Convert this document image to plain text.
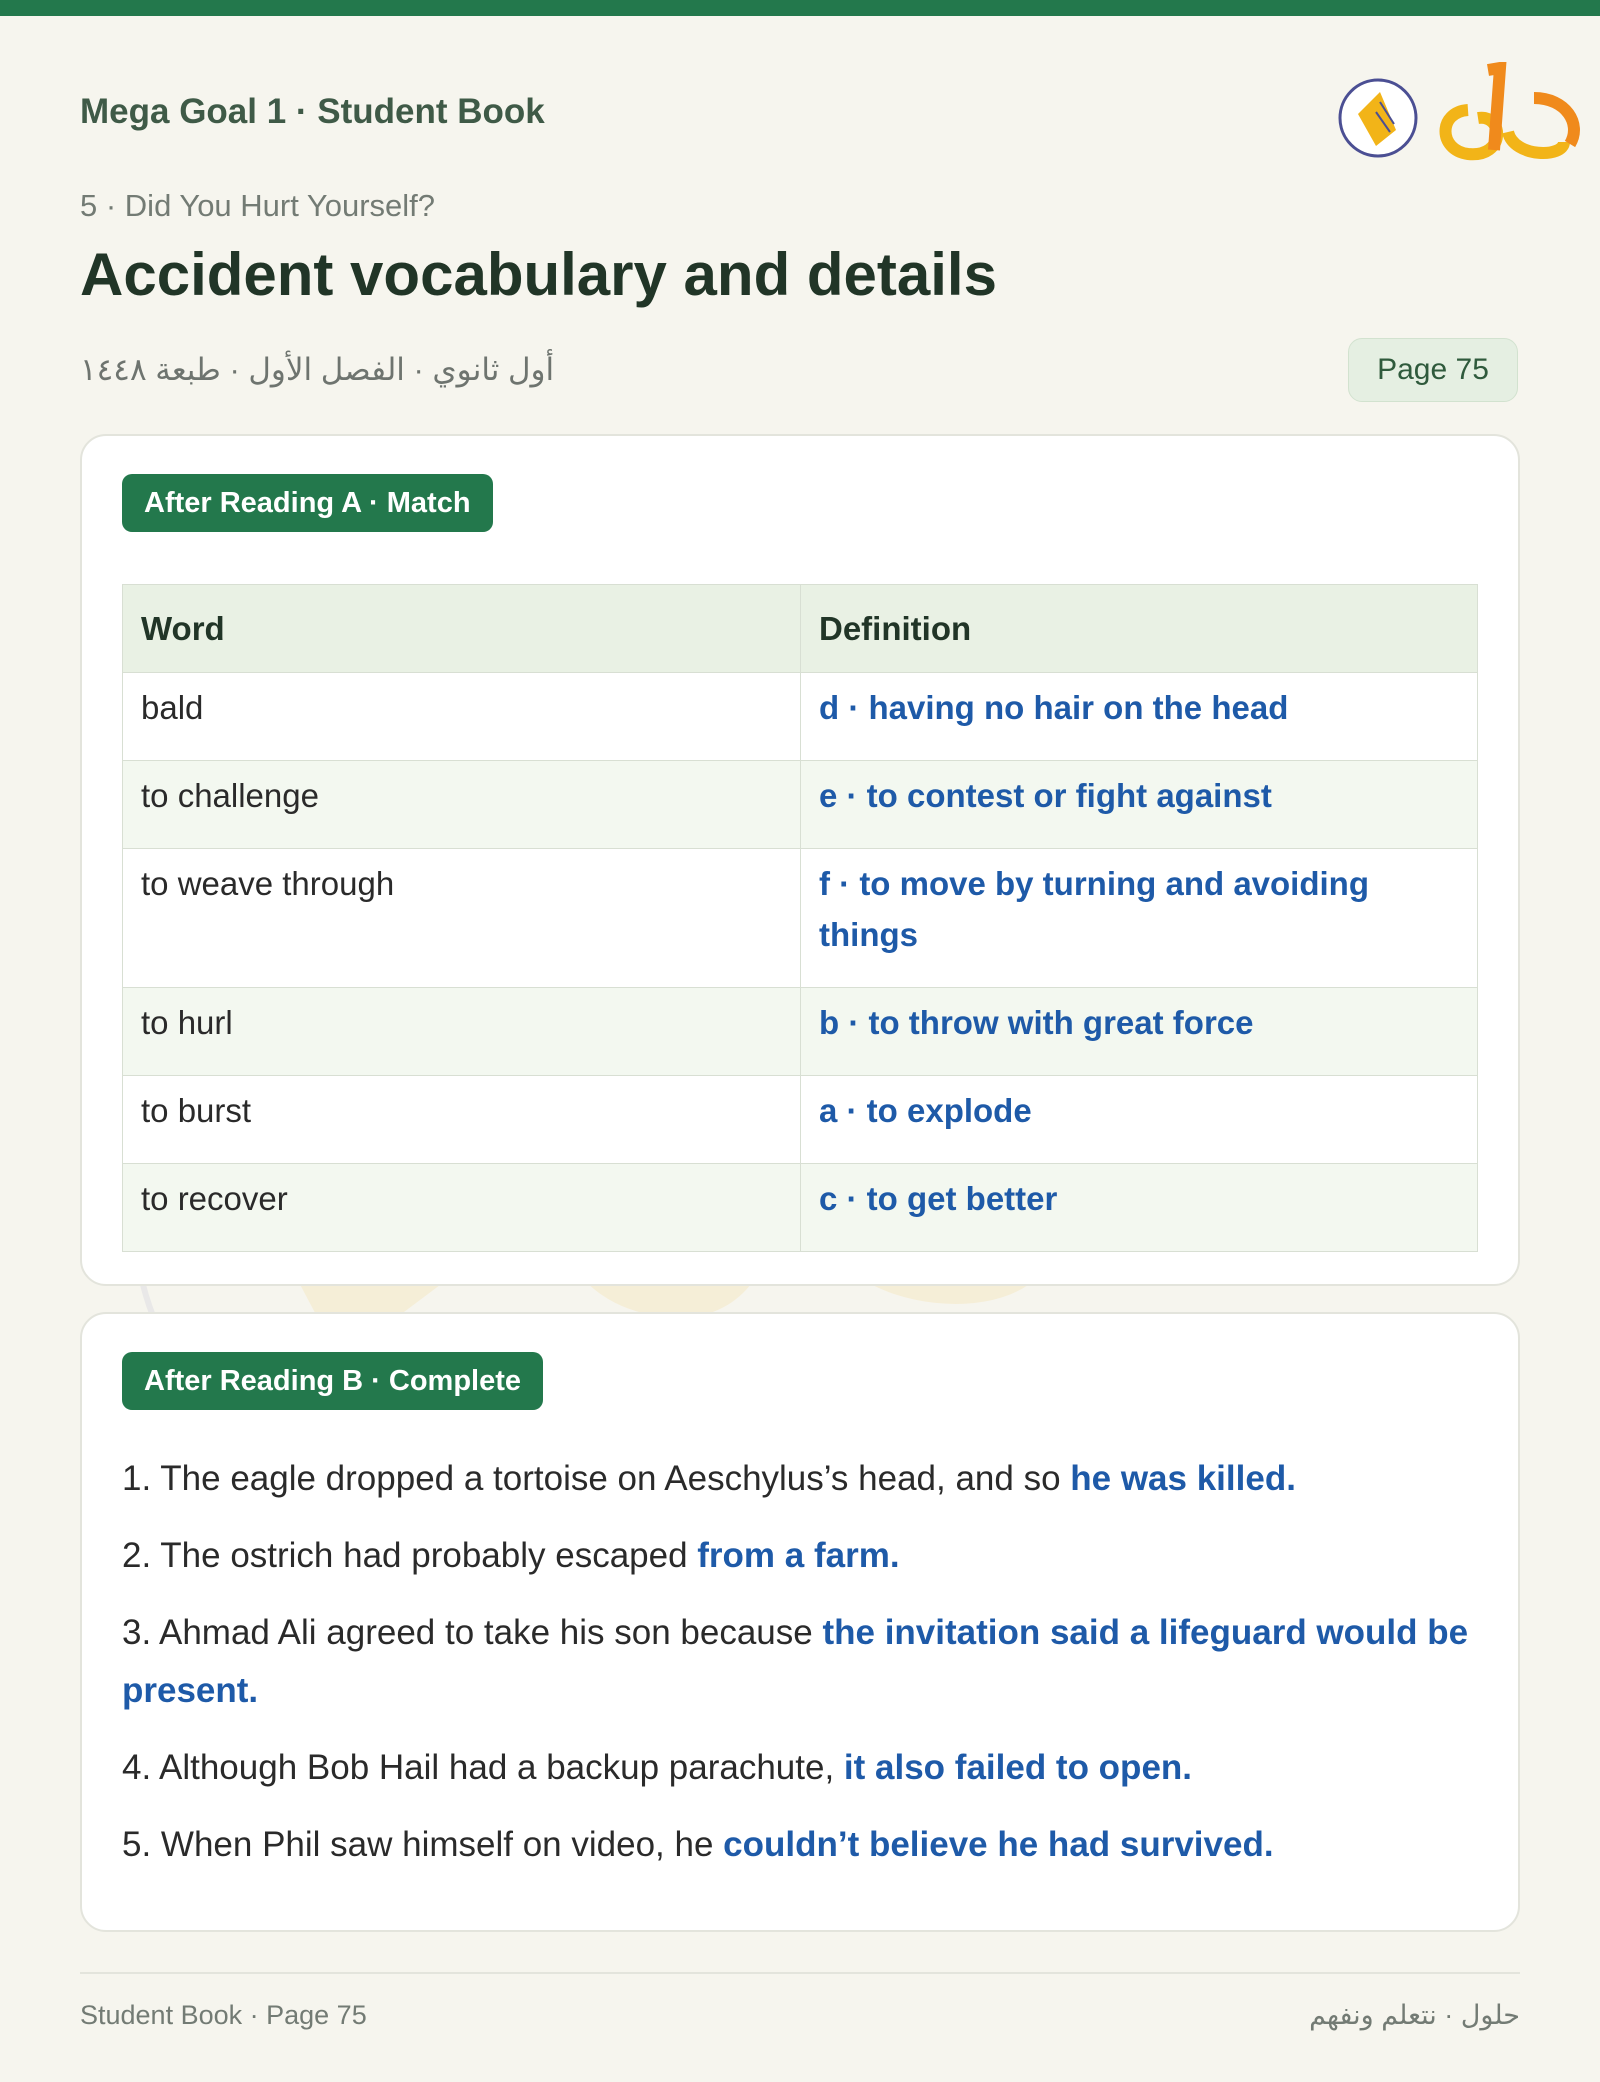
Mega Goal 1 · Student Book
5 · Did You Hurt Yourself?
Accident vocabulary and details
أول ثانوي · الفصل الأول · طبعة ١٤٤٨	Page 75
After Reading A · Match
Word	Definition
bald	d · having no hair on the head
to challenge	e · to contest or fight against
to weave through	f · to move by turning and avoiding things
to hurl	b · to throw with great force
to burst	a · to explode
to recover	c · to get better
After Reading B · Complete
1. The eagle dropped a tortoise on Aeschylus’s head, and so he was killed.
2. The ostrich had probably escaped from a farm.
3. Ahmad Ali agreed to take his son because the invitation said a lifeguard would be present.
4. Although Bob Hail had a backup parachute, it also failed to open.
5. When Phil saw himself on video, he couldn’t believe he had survived.
Student Book · Page 75	حلول · نتعلم ونفهم
